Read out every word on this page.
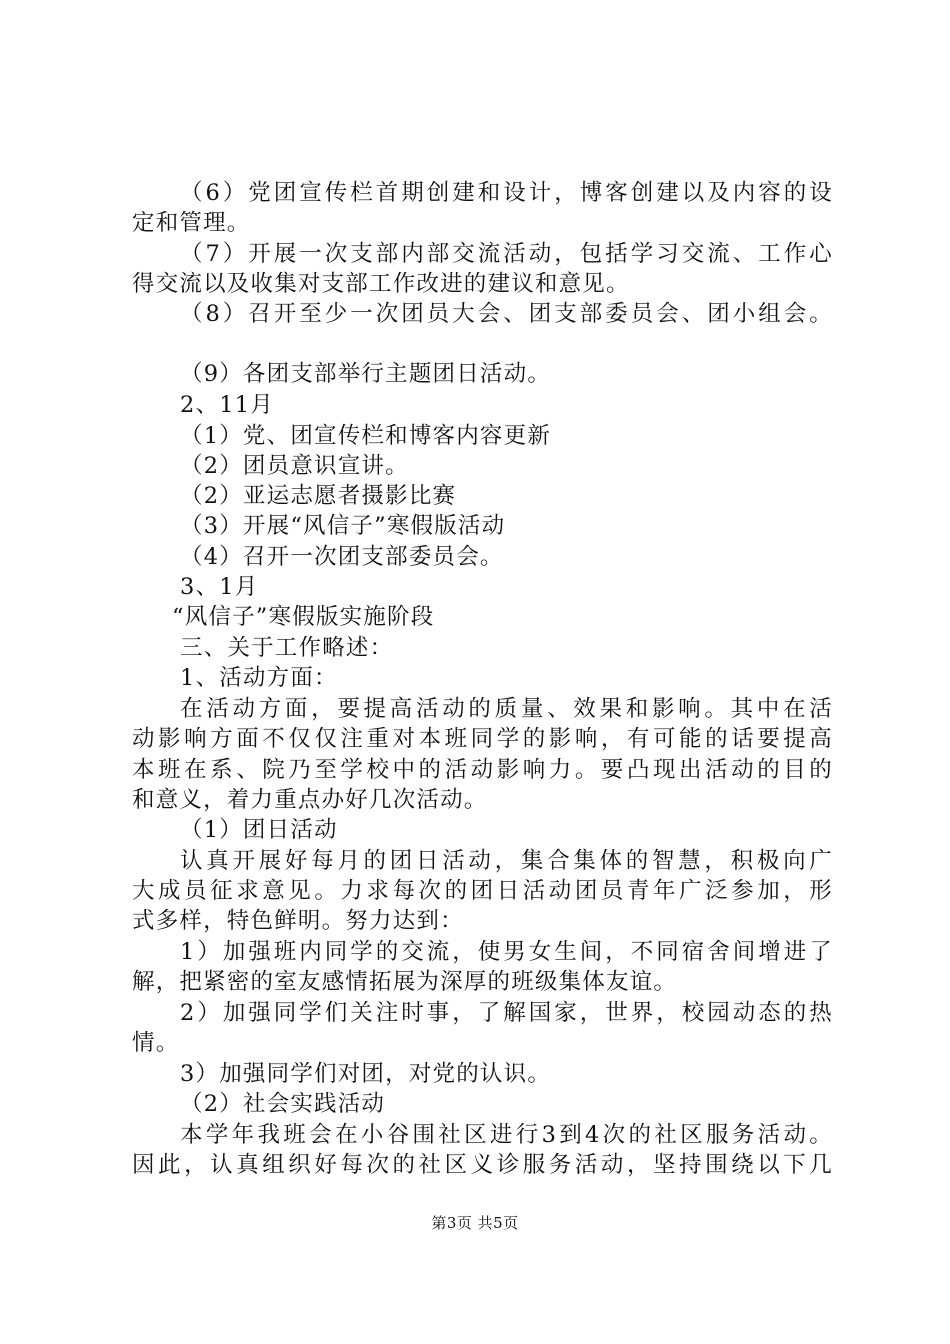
（6）党团宣传栏首期创建和设计，博客创建以及内容的设
定和管理。
（7）开展一次支部内部交流活动，包括学习交流、工作心
得交流以及收集对支部工作改进的建议和意见。
（8）召开至少一次团员大会、团支部委员会、团小组会。
（9）各团支部举行主题团日活动。
2、11月
（1）党、团宣传栏和博客内容更新
（2）团员意识宣讲。
（2）亚运志愿者摄影比赛
（3）开展“风信子”寒假版活动
（4）召开一次团支部委员会。
3、1月
“风信子”寒假版实施阶段
三、关于工作略述：
1、活动方面：
在活动方面，要提高活动的质量、效果和影响。其中在活
动影响方面不仅仅注重对本班同学的影响，有可能的话要提高
本班在系、院乃至学校中的活动影响力。要凸现出活动的目的
和意义，着力重点办好几次活动。
（1）团日活动
认真开展好每月的团日活动，集合集体的智慧，积极向广
大成员征求意见。力求每次的团日活动团员青年广泛参加，形
式多样，特色鲜明。努力达到：
1）加强班内同学的交流，使男女生间，不同宿舍间增进了
解，把紧密的室友感情拓展为深厚的班级集体友谊。
2）加强同学们关注时事，了解国家，世界，校园动态的热
情。
3）加强同学们对团，对党的认识。
（2）社会实践活动
本学年我班会在小谷围社区进行3到4次的社区服务活动。
因此，认真组织好每次的社区义诊服务活动，坚持围绕以下几
第3页 共5页
